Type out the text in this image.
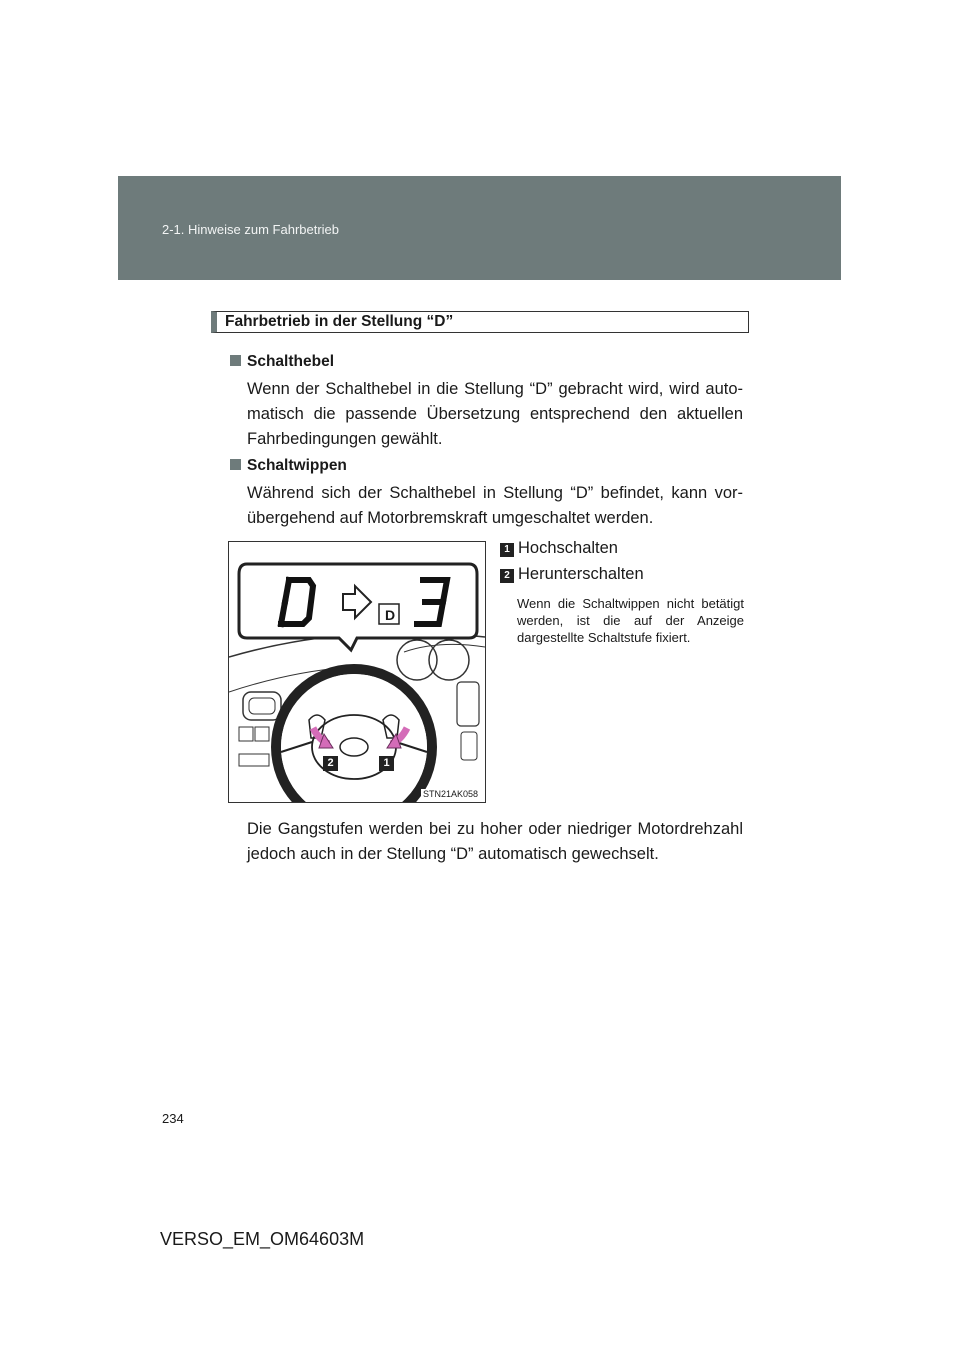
2-1. Hinweise zum Fahrbetrieb
Fahrbetrieb in der Stellung “D”
Schalthebel
Wenn der Schalthebel in die Stellung “D” gebracht wird, wird auto-matisch die passende Übersetzung entsprechend den aktuellen Fahrbedingungen gewählt.
Schaltwippen
Während sich der Schalthebel in Stellung “D” befindet, kann vor-übergehend auf Motorbremskraft umgeschaltet werden.
1 Hochschalten
2 Herunterschalten
Wenn die Schaltwippen nicht betätigt werden, ist die auf der Anzeige dargestellte Schaltstufe fixiert.
D
2	1
STN21AK058
Die Gangstufen werden bei zu hoher oder niedriger Motordrehzahl jedoch auch in der Stellung “D” automatisch gewechselt.
234
VERSO_EM_OM64603M
